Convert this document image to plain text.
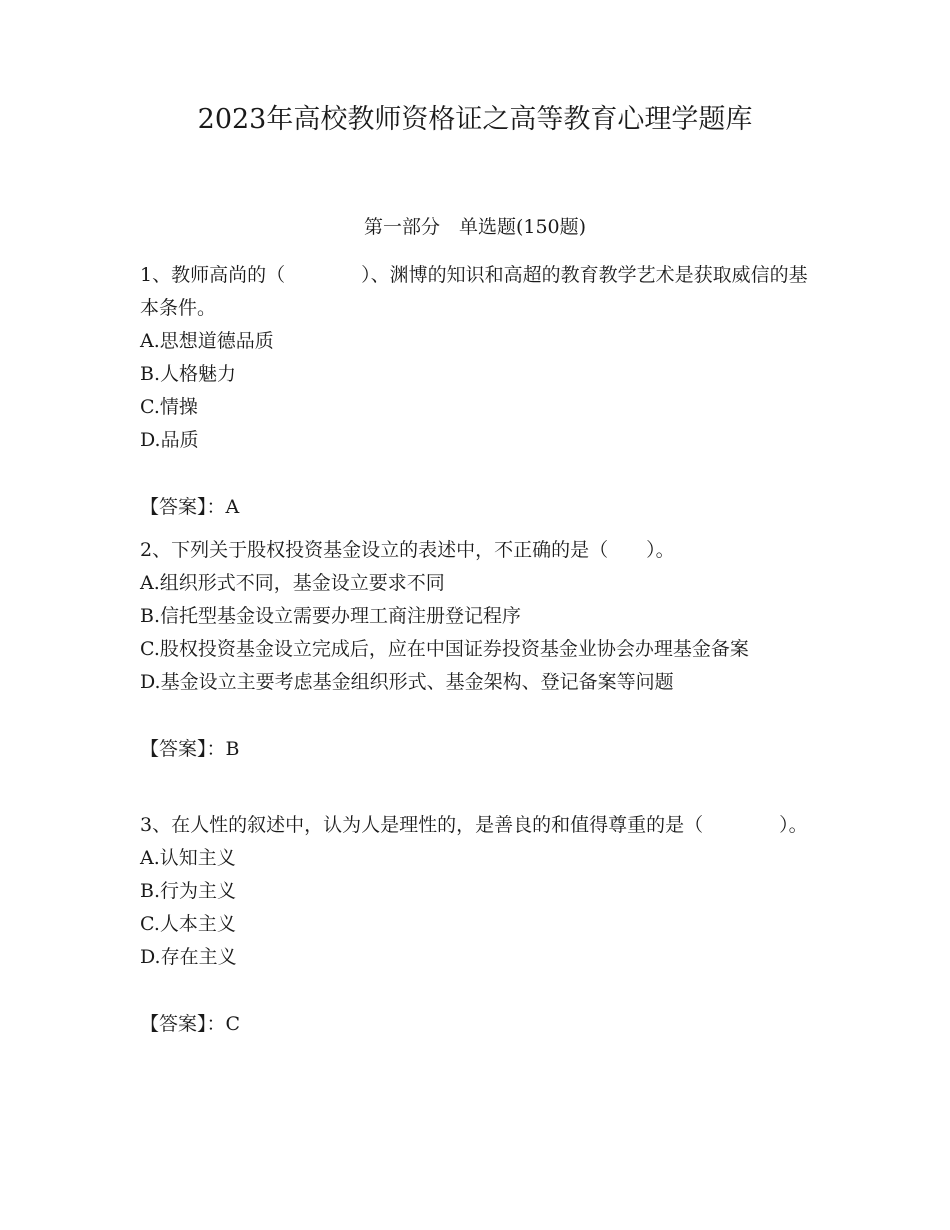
2023年高校教师资格证之高等教育心理学题库
第一部分　单选题(150题)

1、教师高尚的（　　　　）、渊博的知识和高超的教育教学艺术是获取威信的基本条件。

A.思想道德品质

B.人格魅力

C.情操

D.品质

【答案】：A

2、下列关于股权投资基金设立的表述中，不正确的是（　　）。

A.组织形式不同，基金设立要求不同

B.信托型基金设立需要办理工商注册登记程序

C.股权投资基金设立完成后，应在中国证券投资基金业协会办理基金备案

D.基金设立主要考虑基金组织形式、基金架构、登记备案等问题

【答案】：B

3、在人性的叙述中，认为人是理性的，是善良的和值得尊重的是（　　　　）。

A.认知主义

B.行为主义

C.人本主义

D.存在主义

【答案】：C
